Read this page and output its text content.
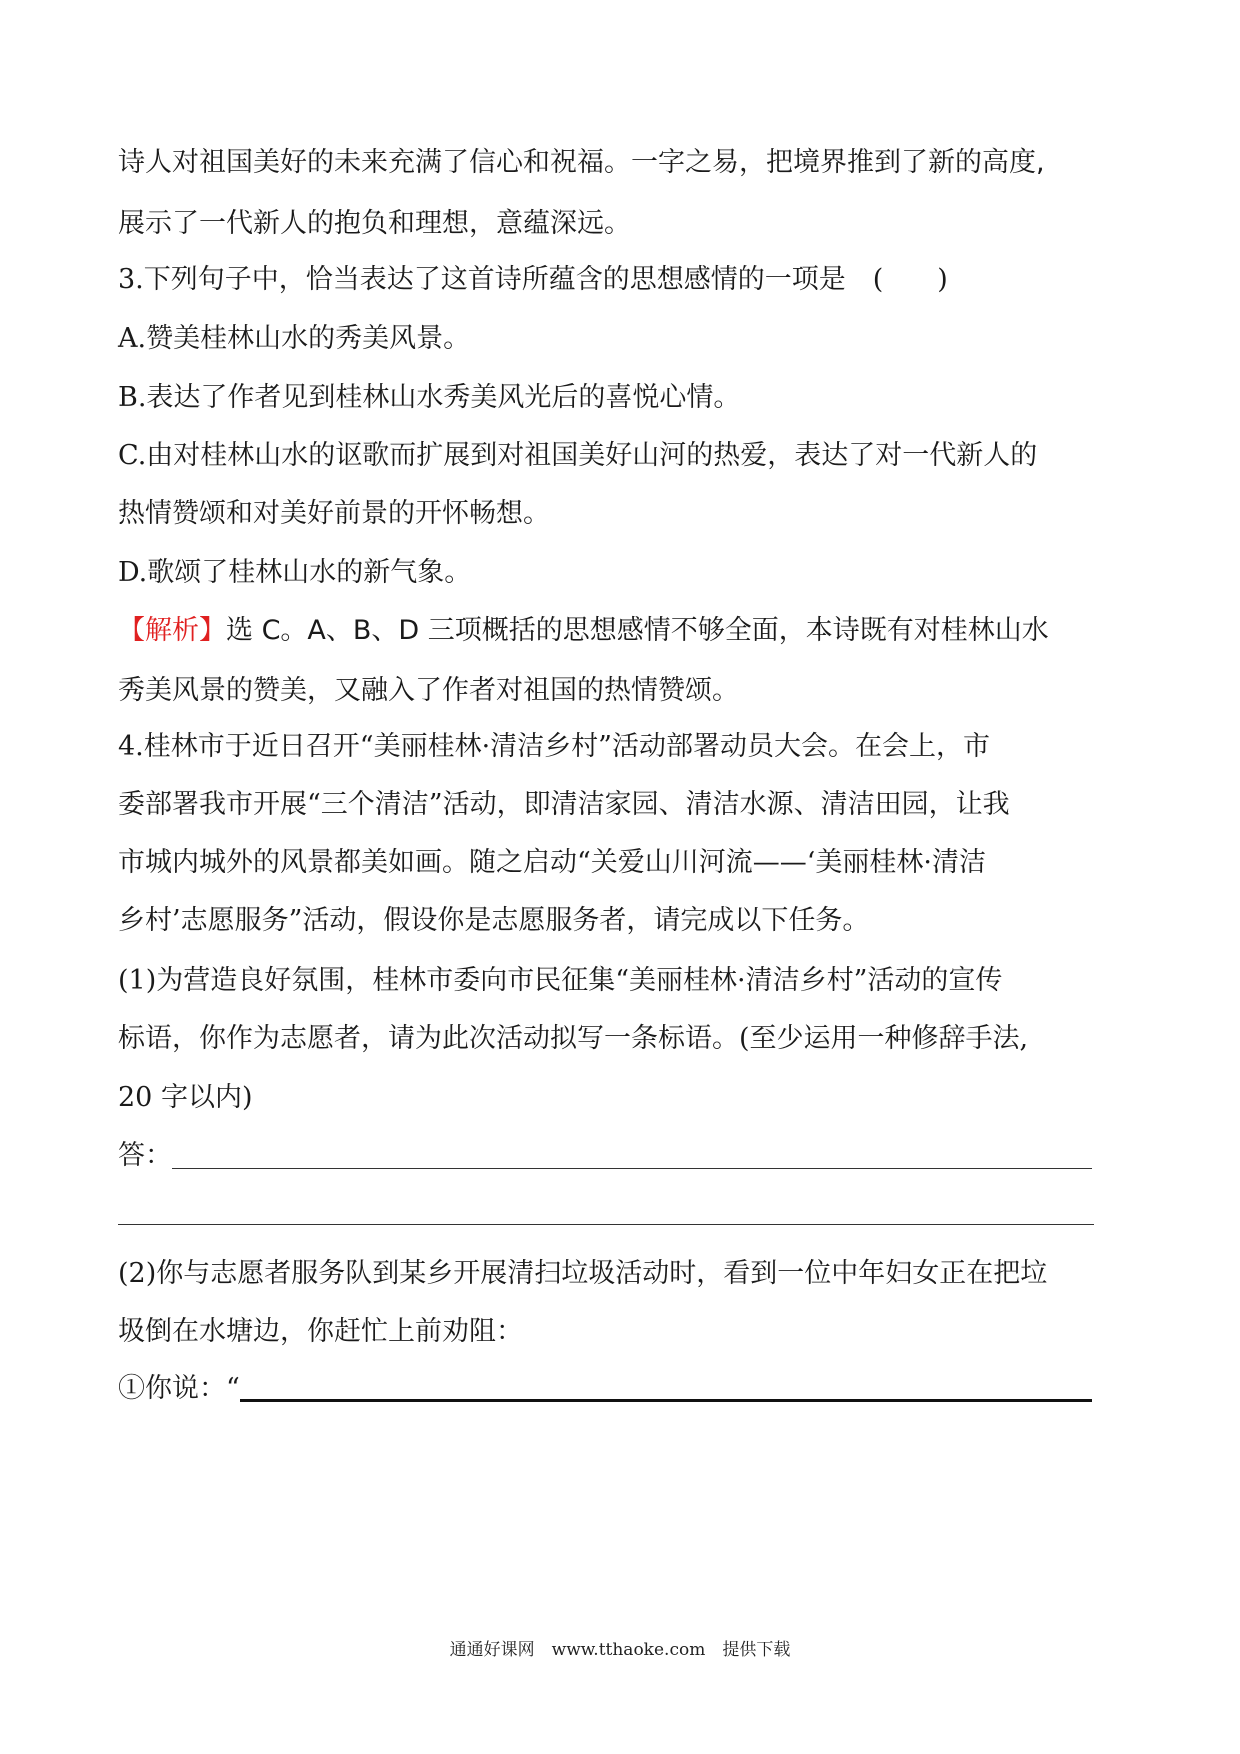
诗人对祖国美好的未来充满了信心和祝福。一字之易，把境界推到了新的高度,
展示了一代新人的抱负和理想，意蕴深远。
3.下列句子中，恰当表达了这首诗所蕴含的思想感情的一项是　(　　)
A.赞美桂林山水的秀美风景。
B.表达了作者见到桂林山水秀美风光后的喜悦心情。
C.由对桂林山水的讴歌而扩展到对祖国美好山河的热爱，表达了对一代新人的
热情赞颂和对美好前景的开怀畅想。
D.歌颂了桂林山水的新气象。
【解析】选 C。A、B、D 三项概括的思想感情不够全面，本诗既有对桂林山水
秀美风景的赞美，又融入了作者对祖国的热情赞颂。
4.桂林市于近日召开“美丽桂林·清洁乡村”活动部署动员大会。在会上，市
委部署我市开展“三个清洁”活动，即清洁家园、清洁水源、清洁田园，让我
市城内城外的风景都美如画。随之启动“关爱山川河流——‘美丽桂林·清洁
乡村’志愿服务”活动，假设你是志愿服务者，请完成以下任务。
(1)为营造良好氛围，桂林市委向市民征集“美丽桂林·清洁乡村”活动的宣传
标语，你作为志愿者，请为此次活动拟写一条标语。(至少运用一种修辞手法,
20 字以内)
答：
(2)你与志愿者服务队到某乡开展清扫垃圾活动时，看到一位中年妇女正在把垃
圾倒在水塘边，你赶忙上前劝阻：
①你说：“
通通好课网　www.tthaoke.com　提供下载
